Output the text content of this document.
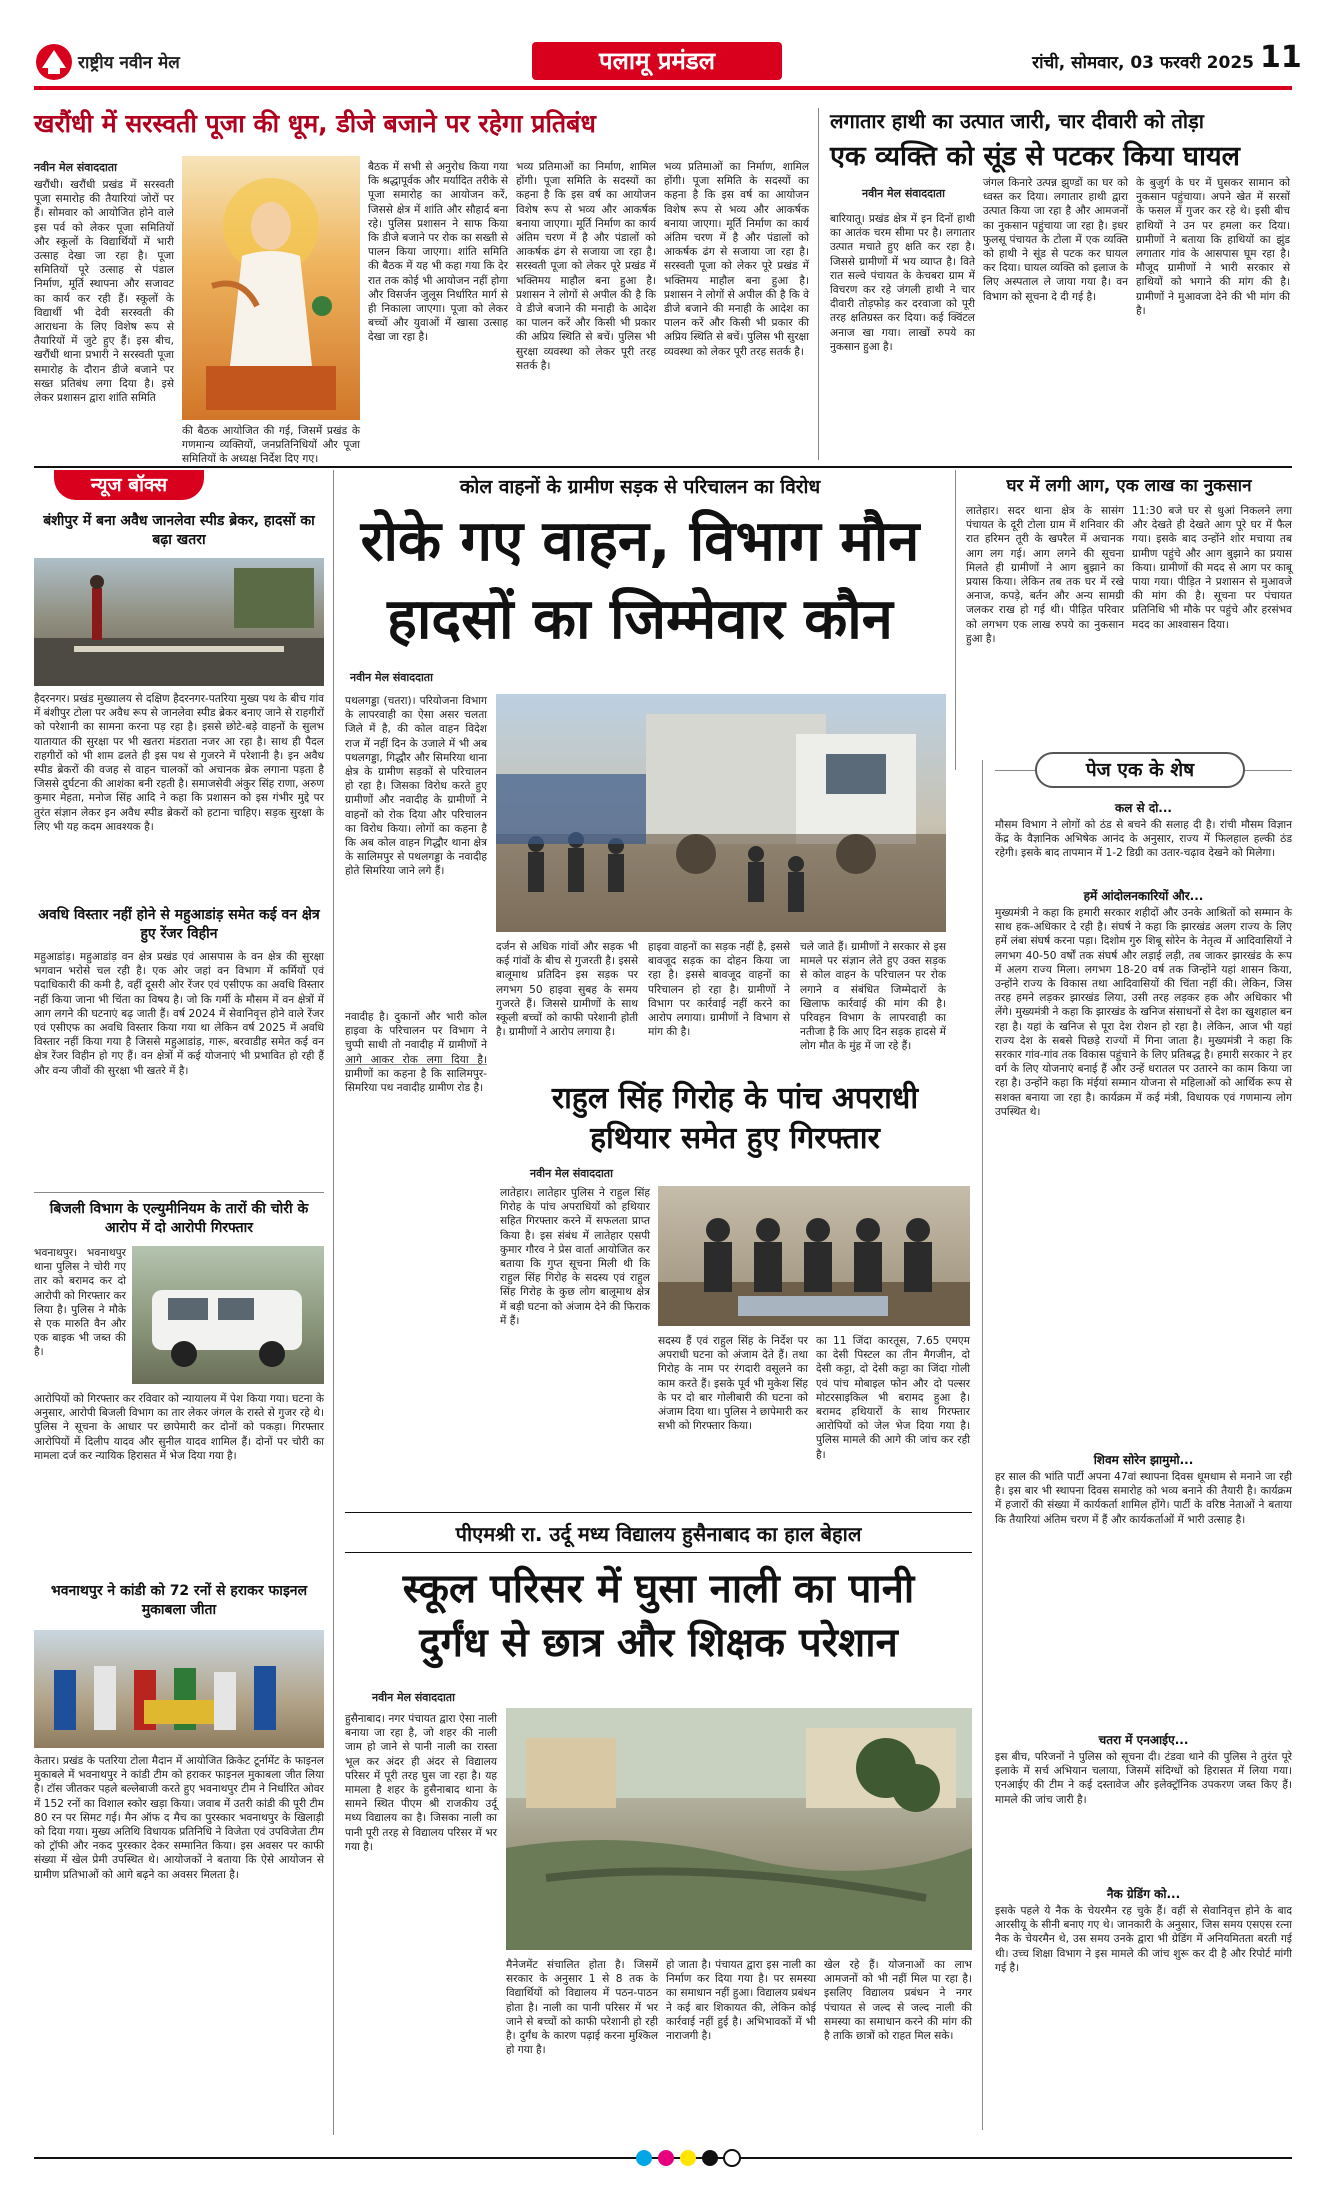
राष्ट्रीय नवीन मेल	पलामू प्रमंडल	रांची, सोमवार, 03 फरवरी 2025 11
खरौंधी में सरस्वती पूजा की धूम, डीजे बजाने पर रहेगा प्रतिबंध
नवीन मेल संवाददाता
खरौंधी। खरौंधी प्रखंड में सरस्वती पूजा समारोह की तैयारियां जोरों पर हैं। सोमवार को आयोजित होने वाले इस पर्व को लेकर पूजा समितियों और स्कूलों के विद्यार्थियों में भारी उत्साह देखा जा रहा है। पूजा समितियों पूरे उत्साह से पंडाल निर्माण, मूर्ति स्थापना और सजावट का कार्य कर रही हैं। स्कूलों के विद्यार्थी भी देवी सरस्वती की आराधना के लिए विशेष रूप से तैयारियों में जुटे हुए हैं। इस बीच, खरौंधी थाना प्रभारी ने सरस्वती पूजा समारोह के दौरान डीजे बजाने पर सख्त प्रतिबंध लगा दिया है। इसे लेकर प्रशासन द्वारा शांति समिति
की बैठक आयोजित की गई, जिसमें प्रखंड के गणमान्य व्यक्तियों, जनप्रतिनिधियों और पूजा समितियों के अध्यक्ष निर्देश दिए गए।
बैठक में सभी से अनुरोध किया गया कि श्रद्धापूर्वक और मर्यादित तरीके से पूजा समारोह का आयोजन करें, जिससे क्षेत्र में शांति और सौहार्द बना रहे। पुलिस प्रशासन ने साफ किया कि डीजे बजाने पर रोक का सख्ती से पालन किया जाएगा। शांति समिति की बैठक में यह भी कहा गया कि देर रात तक कोई भी आयोजन नहीं होगा और विसर्जन जुलूस निर्धारित मार्ग से ही निकाला जाएगा। पूजा को लेकर बच्चों और युवाओं में खासा उत्साह देखा जा रहा है।
भव्य प्रतिमाओं का निर्माण, शामिल होंगी। पूजा समिति के सदस्यों का कहना है कि इस वर्ष का आयोजन विशेष रूप से भव्य और आकर्षक बनाया जाएगा। मूर्ति निर्माण का कार्य अंतिम चरण में है और पंडालों को आकर्षक ढंग से सजाया जा रहा है। सरस्वती पूजा को लेकर पूरे प्रखंड में भक्तिमय माहौल बना हुआ है। प्रशासन ने लोगों से अपील की है कि वे डीजे बजाने की मनाही के आदेश का पालन करें और किसी भी प्रकार की अप्रिय स्थिति से बचें। पुलिस भी सुरक्षा व्यवस्था को लेकर पूरी तरह सतर्क है।
भव्य प्रतिमाओं का निर्माण, शामिल होंगी। पूजा समिति के सदस्यों का कहना है कि इस वर्ष का आयोजन विशेष रूप से भव्य और आकर्षक बनाया जाएगा। मूर्ति निर्माण का कार्य अंतिम चरण में है और पंडालों को आकर्षक ढंग से सजाया जा रहा है। सरस्वती पूजा को लेकर पूरे प्रखंड में भक्तिमय माहौल बना हुआ है। प्रशासन ने लोगों से अपील की है कि वे डीजे बजाने की मनाही के आदेश का पालन करें और किसी भी प्रकार की अप्रिय स्थिति से बचें। पुलिस भी सुरक्षा व्यवस्था को लेकर पूरी तरह सतर्क है।
लगातार हाथी का उत्पात जारी, चार दीवारी को तोड़ा
एक व्यक्ति को सूंड से पटकर किया घायल
नवीन मेल संवाददाता
बारियातू। प्रखंड क्षेत्र में इन दिनों हाथी का आतंक चरम सीमा पर है। लगातार उत्पात मचाते हुए क्षति कर रहा है। जिससे ग्रामीणों में भय व्याप्त है। विते रात सल्वे पंचायत के केचबरा ग्राम में विचरण कर रहे जंगली हाथी ने चार दीवारी तोड़फोड़ कर दरवाजा को पूरी तरह क्षतिग्रस्त कर दिया। कई क्विंटल अनाज खा गया। लाखों रुपये का नुकसान हुआ है।
जंगल किनारे उत्पन्न झुण्डों का घर को ध्वस्त कर दिया। लगातार हाथी द्वारा उत्पात किया जा रहा है और आमजनों का नुकसान पहुंचाया जा रहा है। इधर फुलसू पंचायत के टोला में एक व्यक्ति को हाथी ने सूंड से पटक कर घायल कर दिया। घायल व्यक्ति को इलाज के लिए अस्पताल ले जाया गया है। वन विभाग को सूचना दे दी गई है।
के बुजुर्ग के घर में घुसकर सामान को नुकसान पहुंचाया। अपने खेत में सरसों के फसल में गुजर कर रहे थे। इसी बीच हाथियों ने उन पर हमला कर दिया। ग्रामीणों ने बताया कि हाथियों का झुंड लगातार गांव के आसपास घूम रहा है। मौजूद ग्रामीणों ने भारी सरकार से हाथियों को भगाने की मांग की है। ग्रामीणों ने मुआवजा देने की भी मांग की है।
न्यूज बॉक्स
बंशीपुर में बना अवैध जानलेवा स्पीड ब्रेकर, हादसों का बढ़ा खतरा
हैदरनगर। प्रखंड मुख्यालय से दक्षिण हैदरनगर-पतरिया मुख्य पथ के बीच गांव में बंशीपुर टोला पर अवैध रूप से जानलेवा स्पीड ब्रेकर बनाए जाने से राहगीरों को परेशानी का सामना करना पड़ रहा है। इससे छोटे-बड़े वाहनों के सुलभ यातायात की सुरक्षा पर भी खतरा मंडराता नजर आ रहा है। साथ ही पैदल राहगीरों को भी शाम ढलते ही इस पथ से गुजरने में परेशानी है। इन अवैध स्पीड ब्रेकरों की वजह से वाहन चालकों को अचानक ब्रेक लगाना पड़ता है जिससे दुर्घटना की आशंका बनी रहती है। समाजसेवी अंकुर सिंह राणा, अरुण कुमार मेहता, मनोज सिंह आदि ने कहा कि प्रशासन को इस गंभीर मुद्दे पर तुरंत संज्ञान लेकर इन अवैध स्पीड ब्रेकरों को हटाना चाहिए। सड़क सुरक्षा के लिए भी यह कदम आवश्यक है।
अवधि विस्तार नहीं होने से महुआडांड़ समेत कई वन क्षेत्र हुए रेंजर विहीन
महुआडांड़। महुआडांड़ वन क्षेत्र प्रखंड एवं आसपास के वन क्षेत्र की सुरक्षा भगवान भरोसे चल रही है। एक ओर जहां वन विभाग में कर्मियों एवं पदाधिकारी की कमी है, वहीं दूसरी ओर रेंजर एवं एसीएफ का अवधि विस्तार नहीं किया जाना भी चिंता का विषय है। जो कि गर्मी के मौसम में वन क्षेत्रों में आग लगने की घटनाएं बढ़ जाती हैं। वर्ष 2024 में सेवानिवृत्त होने वाले रेंजर एवं एसीएफ का अवधि विस्तार किया गया था लेकिन वर्ष 2025 में अवधि विस्तार नहीं किया गया है जिससे महुआडांड़, गारू, बरवाडीह समेत कई वन क्षेत्र रेंजर विहीन हो गए हैं। वन क्षेत्रों में कई योजनाएं भी प्रभावित हो रही हैं और वन्य जीवों की सुरक्षा भी खतरे में है।
बिजली विभाग के एल्युमीनियम के तारों की चोरी के आरोप में दो आरोपी गिरफ्तार
भवनाथपुर। भवनाथपुर थाना पुलिस ने चोरी गए तार को बरामद कर दो आरोपी को गिरफ्तार कर लिया है। पुलिस ने मौके से एक मारुति वैन और एक बाइक भी जब्त की है।
आरोपियों को गिरफ्तार कर रविवार को न्यायालय में पेश किया गया। घटना के अनुसार, आरोपी बिजली विभाग का तार लेकर जंगल के रास्ते से गुजर रहे थे। पुलिस ने सूचना के आधार पर छापेमारी कर दोनों को पकड़ा। गिरफ्तार आरोपियों में दिलीप यादव और सुनील यादव शामिल हैं। दोनों पर चोरी का मामला दर्ज कर न्यायिक हिरासत में भेज दिया गया है।
भवनाथपुर ने कांडी को 72 रनों से हराकर फाइनल मुकाबला जीता
केतार। प्रखंड के पतरिया टोला मैदान में आयोजित क्रिकेट टूर्नामेंट के फाइनल मुकाबले में भवनाथपुर ने कांडी टीम को हराकर फाइनल मुकाबला जीत लिया है। टॉस जीतकर पहले बल्लेबाजी करते हुए भवनाथपुर टीम ने निर्धारित ओवर में 152 रनों का विशाल स्कोर खड़ा किया। जवाब में उतरी कांडी की पूरी टीम 80 रन पर सिमट गई। मैन ऑफ द मैच का पुरस्कार भवनाथपुर के खिलाड़ी को दिया गया। मुख्य अतिथि विधायक प्रतिनिधि ने विजेता एवं उपविजेता टीम को ट्रॉफी और नकद पुरस्कार देकर सम्मानित किया। इस अवसर पर काफी संख्या में खेल प्रेमी उपस्थित थे। आयोजकों ने बताया कि ऐसे आयोजन से ग्रामीण प्रतिभाओं को आगे बढ़ने का अवसर मिलता है।
कोल वाहनों के ग्रामीण सड़क से परिचालन का विरोध
रोके गए वाहन, विभाग मौन
हादसों का जिम्मेवार कौन
नवीन मेल संवाददाता
पथलगड्डा (चतरा)। परियोजना विभाग के लापरवाही का ऐसा असर चलता जिले में है, की कोल वाहन विदेश राज में नहीं दिन के उजाले में भी अब पथलगड्डा, गिद्धौर और सिमरिया थाना क्षेत्र के ग्रामीण सड़कों से परिचालन हो रहा है। जिसका विरोध करते हुए ग्रामीणों और नवादीह के ग्रामीणों ने वाहनों को रोक दिया और परिचालन का विरोध किया। लोगों का कहना है कि अब कोल वाहन गिद्धौर थाना क्षेत्र के सालिमपुर से पथलगड्डा के नवादीह होते सिमरिया जाने लगे हैं।
दर्जन से अधिक गांवों और सड़क भी कई गांवों के बीच से गुजरती है। इससे बालूमाथ प्रतिदिन इस सड़क पर लगभग 50 हाइवा सुबह के समय गुजरते हैं। जिससे ग्रामीणों के साथ स्कूली बच्चों को काफी परेशानी होती है। ग्रामीणों ने आरोप लगाया है।
हाइवा वाहनों का सड़क नहीं है, इससे बावजूद सड़क का दोहन किया जा रहा है। इससे बावजूद वाहनों का परिचालन हो रहा है। ग्रामीणों ने विभाग पर कार्रवाई नहीं करने का आरोप लगाया। ग्रामीणों ने विभाग से मांग की है।
चले जाते हैं। ग्रामीणों ने सरकार से इस मामले पर संज्ञान लेते हुए उक्त सड़क से कोल वाहन के परिचालन पर रोक लगाने व संबंधित जिम्मेदारों के खिलाफ कार्रवाई की मांग की है। परिवहन विभाग के लापरवाही का नतीजा है कि आए दिन सड़क हादसे में लोग मौत के मुंह में जा रहे हैं।
नवादीह है। दुकानों और भारी कोल हाइवा के परिचालन पर विभाग ने चुप्पी साधी तो नवादीह में ग्रामीणों ने आगे आकर रोक लगा दिया है। ग्रामीणों का कहना है कि सालिमपुर-सिमरिया पथ नवादीह ग्रामीण रोड है।
घर में लगी आग, एक लाख का नुकसान
लातेहार। सदर थाना क्षेत्र के सासंग पंचायत के दूरी टोला ग्राम में शनिवार की रात हरिमन तूरी के खपरैल में अचानक आग लग गई। आग लगने की सूचना मिलते ही ग्रामीणों ने आग बुझाने का प्रयास किया। लेकिन तब तक घर में रखे अनाज, कपड़े, बर्तन और अन्य सामग्री जलकर राख हो गई थी। पीड़ित परिवार को लगभग एक लाख रुपये का नुकसान हुआ है।
11:30 बजे घर से धुआं निकलने लगा और देखते ही देखते आग पूरे घर में फैल गया। इसके बाद उन्होंने शोर मचाया तब ग्रामीण पहुंचे और आग बुझाने का प्रयास किया। ग्रामीणों की मदद से आग पर काबू पाया गया। पीड़ित ने प्रशासन से मुआवजे की मांग की है। सूचना पर पंचायत प्रतिनिधि भी मौके पर पहुंचे और हरसंभव मदद का आश्वासन दिया।
पेज एक के शेष
कल से दो...
मौसम विभाग ने लोगों को ठंड से बचने की सलाह दी है। रांची मौसम विज्ञान केंद्र के वैज्ञानिक अभिषेक आनंद के अनुसार, राज्य में फिलहाल हल्की ठंड रहेगी। इसके बाद तापमान में 1-2 डिग्री का उतार-चढ़ाव देखने को मिलेगा।
हमें आंदोलनकारियों और...
मुख्यमंत्री ने कहा कि हमारी सरकार शहीदों और उनके आश्रितों को सम्मान के साथ हक-अधिकार दे रही है। संघर्ष ने कहा कि झारखंड अलग राज्य के लिए हमें लंबा संघर्ष करना पड़ा। दिशोम गुरु शिबू सोरेन के नेतृत्व में आदिवासियों ने लगभग 40-50 वर्षों तक संघर्ष और लड़ाई लड़ी, तब जाकर झारखंड के रूप में अलग राज्य मिला। लगभग 18-20 वर्ष तक जिन्होंने यहां शासन किया, उन्होंने राज्य के विकास तथा आदिवासियों की चिंता नहीं की। लेकिन, जिस तरह हमने लड़कर झारखंड लिया, उसी तरह लड़कर हक और अधिकार भी लेंगे। मुख्यमंत्री ने कहा कि झारखंड के खनिज संसाधनों से देश का खुशहाल बन रहा है। यहां के खनिज से पूरा देश रोशन हो रहा है। लेकिन, आज भी यहां राज्य देश के सबसे पिछड़े राज्यों में गिना जाता है। मुख्यमंत्री ने कहा कि सरकार गांव-गांव तक विकास पहुंचाने के लिए प्रतिबद्ध है। हमारी सरकार ने हर वर्ग के लिए योजनाएं बनाई हैं और उन्हें धरातल पर उतारने का काम किया जा रहा है। उन्होंने कहा कि मंईयां सम्मान योजना से महिलाओं को आर्थिक रूप से सशक्त बनाया जा रहा है। कार्यक्रम में कई मंत्री, विधायक एवं गणमान्य लोग उपस्थित थे।
शिवम सोरेन झामुमो...
हर साल की भांति पार्टी अपना 47वां स्थापना दिवस धूमधाम से मनाने जा रही है। इस बार भी स्थापना दिवस समारोह को भव्य बनाने की तैयारी है। कार्यक्रम में हजारों की संख्या में कार्यकर्ता शामिल होंगे। पार्टी के वरिष्ठ नेताओं ने बताया कि तैयारियां अंतिम चरण में हैं और कार्यकर्ताओं में भारी उत्साह है।
चतरा में एनआईए...
इस बीच, परिजनों ने पुलिस को सूचना दी। टंडवा थाने की पुलिस ने तुरंत पूरे इलाके में सर्च अभियान चलाया, जिसमें संदिग्धों को हिरासत में लिया गया। एनआईए की टीम ने कई दस्तावेज और इलेक्ट्रॉनिक उपकरण जब्त किए हैं। मामले की जांच जारी है।
नैक ग्रेडिंग को...
इसके पहले ये नैक के चेयरमैन रह चुके हैं। वहीं से सेवानिवृत्त होने के बाद आरसीयू के सीनी बनाए गए थे। जानकारी के अनुसार, जिस समय एसएस रत्ना नैक के चेयरमैन थे, उस समय उनके द्वारा भी ग्रेडिंग में अनियमितता बरती गई थी। उच्च शिक्षा विभाग ने इस मामले की जांच शुरू कर दी है और रिपोर्ट मांगी गई है।
राहुल सिंह गिरोह के पांच अपराधी
हथियार समेत हुए गिरफ्तार
नवीन मेल संवाददाता
लातेहार। लातेहार पुलिस ने राहुल सिंह गिरोह के पांच अपराधियों को हथियार सहित गिरफ्तार करने में सफलता प्राप्त किया है। इस संबंध में लातेहार एसपी कुमार गौरव ने प्रेस वार्ता आयोजित कर बताया कि गुप्त सूचना मिली थी कि राहुल सिंह गिरोह के सदस्य एवं राहुल सिंह गिरोह के कुछ लोग बालूमाथ क्षेत्र में बड़ी घटना को अंजाम देने की फिराक में हैं।
सदस्य हैं एवं राहुल सिंह के निर्देश पर अपराधी घटना को अंजाम देते हैं। तथा गिरोह के नाम पर रंगदारी वसूलने का काम करते हैं। इसके पूर्व भी मुकेश सिंह के पर दो बार गोलीबारी की घटना को अंजाम दिया था। पुलिस ने छापेमारी कर सभी को गिरफ्तार किया।
का 11 जिंदा कारतूस, 7.65 एमएम का देसी पिस्टल का तीन मैगजीन, दो देसी कट्टा, दो देसी कट्टा का जिंदा गोली एवं पांच मोबाइल फोन और दो पल्सर मोटरसाइकिल भी बरामद हुआ है। बरामद हथियारों के साथ गिरफ्तार आरोपियों को जेल भेज दिया गया है। पुलिस मामले की आगे की जांच कर रही है।
पीएमश्री रा. उर्दू मध्य विद्यालय हुसैनाबाद का हाल बेहाल
स्कूल परिसर में घुसा नाली का पानी
दुर्गंध से छात्र और शिक्षक परेशान
नवीन मेल संवाददाता
हुसैनाबाद। नगर पंचायत द्वारा ऐसा नाली बनाया जा रहा है, जो शहर की नाली जाम हो जाने से पानी नाली का रास्ता भूल कर अंदर ही अंदर से विद्यालय परिसर में पूरी तरह घुस जा रहा है। यह मामला है शहर के हुसैनाबाद थाना के सामने स्थित पीएम श्री राजकीय उर्दू मध्य विद्यालय का है। जिसका नाली का पानी पूरी तरह से विद्यालय परिसर में भर गया है।
मैनेजमेंट संचालित होता है। जिसमें सरकार के अनुसार 1 से 8 तक के विद्यार्थियों को विद्यालय में पठन-पाठन होता है। नाली का पानी परिसर में भर जाने से बच्चों को काफी परेशानी हो रही है। दुर्गंध के कारण पढ़ाई करना मुश्किल हो गया है।
हो जाता है। पंचायत द्वारा इस नाली का निर्माण कर दिया गया है। पर समस्या का समाधान नहीं हुआ। विद्यालय प्रबंधन ने कई बार शिकायत की, लेकिन कोई कार्रवाई नहीं हुई है। अभिभावकों में भी नाराजगी है।
खेल रहे हैं। योजनाओं का लाभ आमजनों को भी नहीं मिल पा रहा है। इसलिए विद्यालय प्रबंधन ने नगर पंचायत से जल्द से जल्द नाली की समस्या का समाधान करने की मांग की है ताकि छात्रों को राहत मिल सके।
